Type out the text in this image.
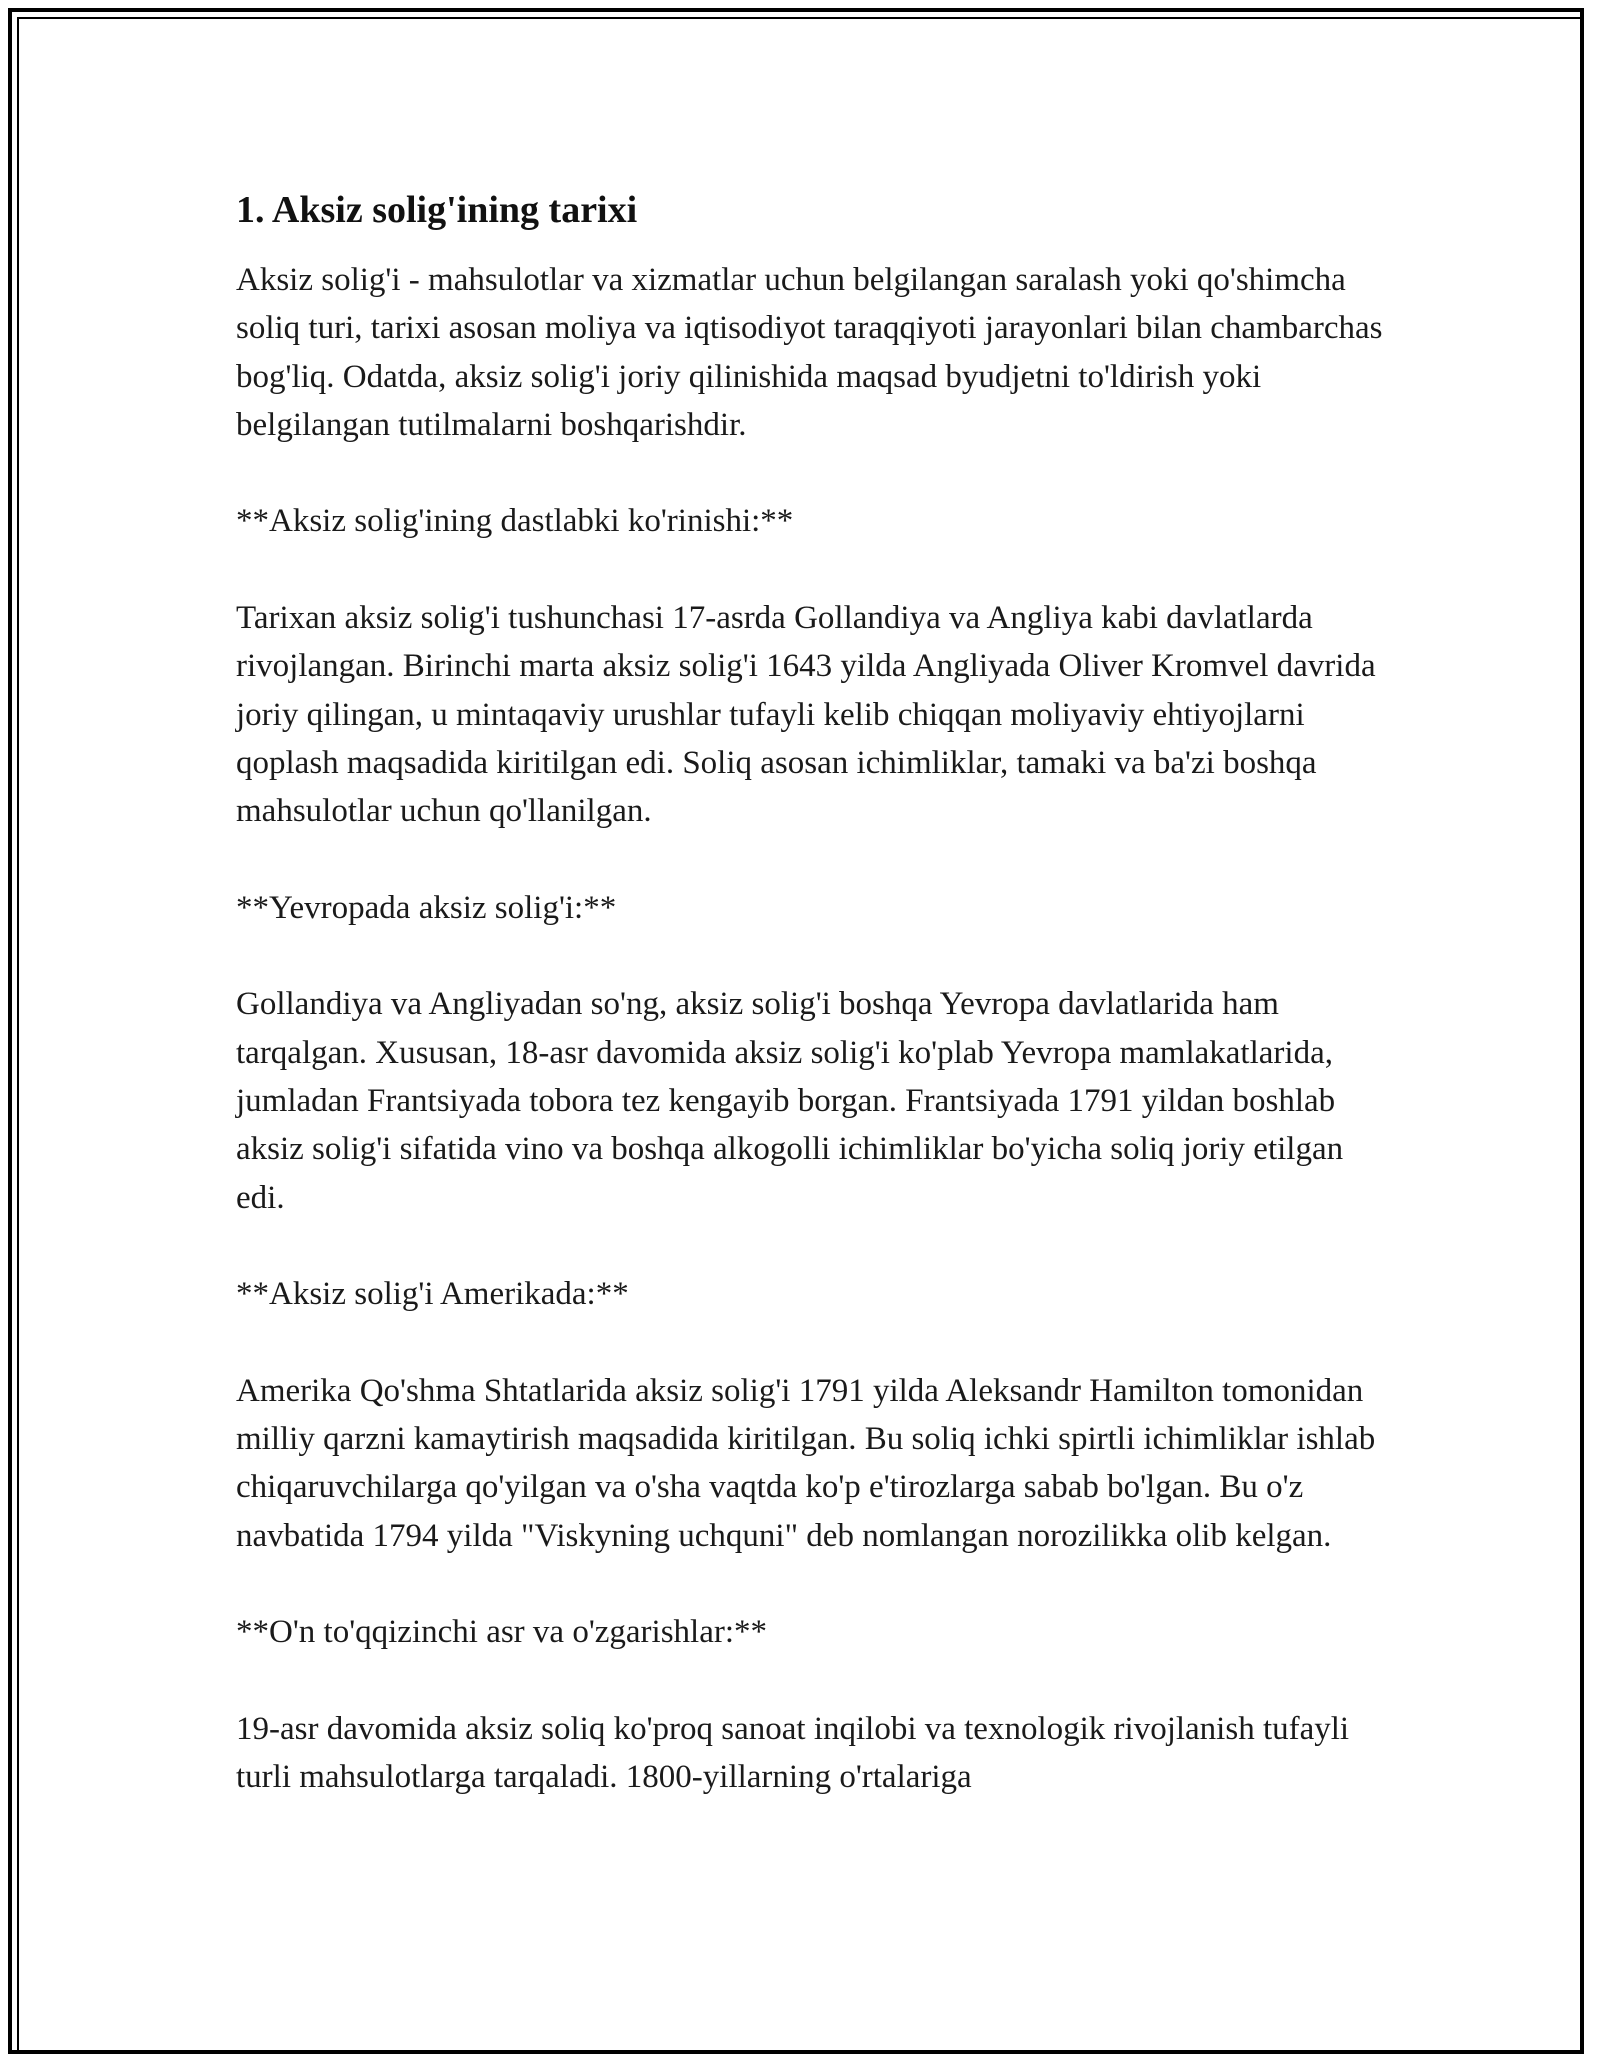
1. Aksiz solig'ining tarixi

Aksiz solig'i - mahsulotlar va xizmatlar uchun belgilangan saralash yoki qo'shimcha soliq turi, tarixi asosan moliya va iqtisodiyot taraqqiyoti jarayonlari bilan chambarchas bog'liq. Odatda, aksiz solig'i joriy qilinishida maqsad byudjetni to'ldirish yoki belgilangan tutilmalarni boshqarishdir.

**Aksiz solig'ining dastlabki ko'rinishi:**

Tarixan aksiz solig'i tushunchasi 17-asrda Gollandiya va Angliya kabi davlatlarda rivojlangan. Birinchi marta aksiz solig'i 1643 yilda Angliyada Oliver Kromvel davrida joriy qilingan, u mintaqaviy urushlar tufayli kelib chiqqan moliyaviy ehtiyojlarni qoplash maqsadida kiritilgan edi. Soliq asosan ichimliklar, tamaki va ba'zi boshqa mahsulotlar uchun qo'llanilgan.

**Yevropada aksiz solig'i:**

Gollandiya va Angliyadan so'ng, aksiz solig'i boshqa Yevropa davlatlarida ham tarqalgan. Xususan, 18-asr davomida aksiz solig'i ko'plab Yevropa mamlakatlarida, jumladan Frantsiyada tobora tez kengayib borgan. Frantsiyada 1791 yildan boshlab aksiz solig'i sifatida vino va boshqa alkogolli ichimliklar bo'yicha soliq joriy etilgan edi.

**Aksiz solig'i Amerikada:**

Amerika Qo'shma Shtatlarida aksiz solig'i 1791 yilda Aleksandr Hamilton tomonidan milliy qarzni kamaytirish maqsadida kiritilgan. Bu soliq ichki spirtli ichimliklar ishlab chiqaruvchilarga qo'yilgan va o'sha vaqtda ko'p e'tirozlarga sabab bo'lgan. Bu o'z navbatida 1794 yilda "Viskyning uchquni" deb nomlangan norozilikka olib kelgan.

**O'n to'qqizinchi asr va o'zgarishlar:**

19-asr davomida aksiz soliq ko'proq sanoat inqilobi va texnologik rivojlanish tufayli turli mahsulotlarga tarqaladi. 1800-yillarning o'rtalariga
